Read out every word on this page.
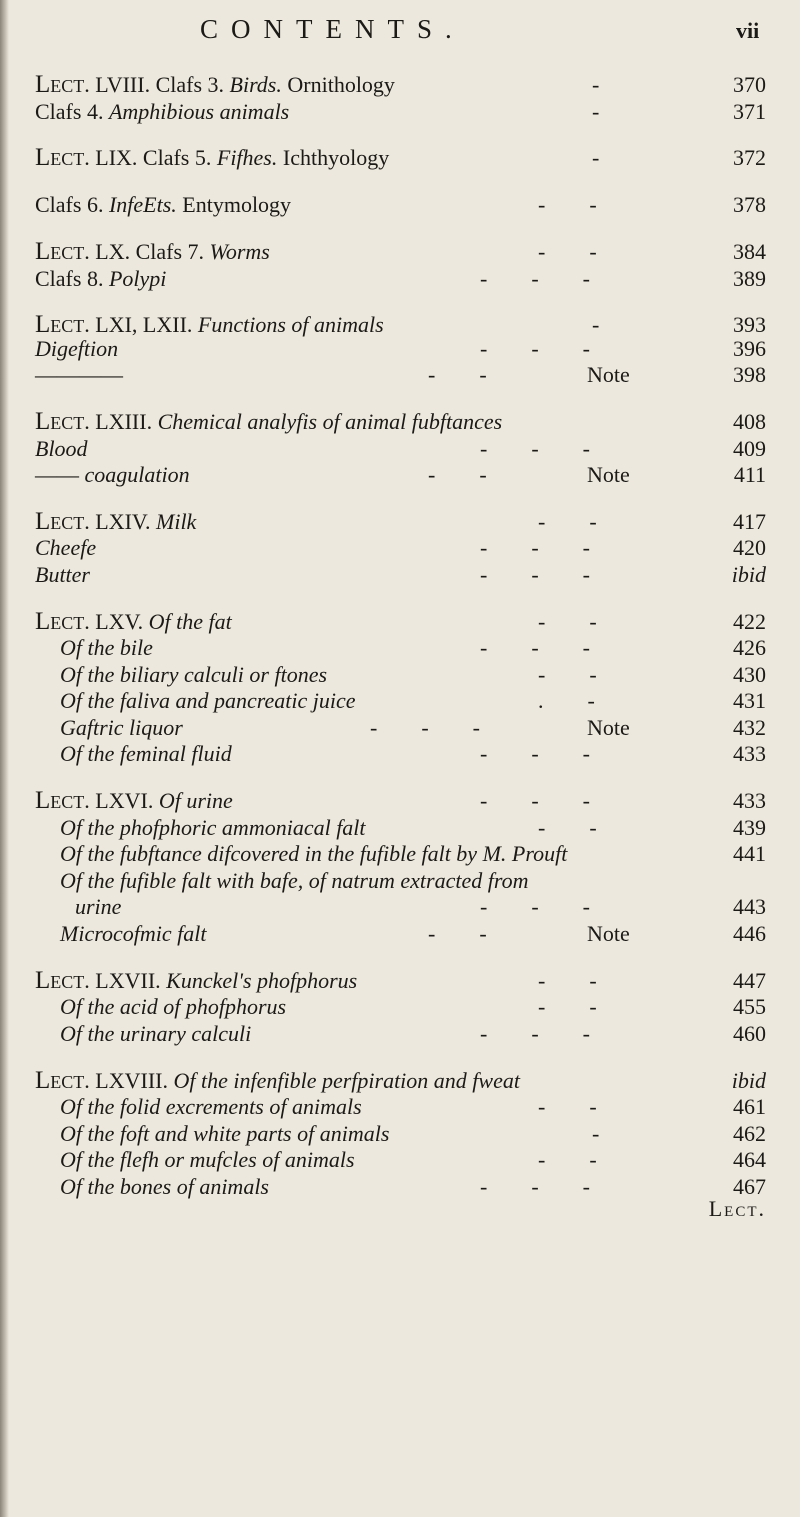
CONTENTS.	vii
Lect. LVIII. Clafs 3. Birds. Ornithology	-	370
Clafs 4. Amphibious animals	-	371
Lect. LIX. Clafs 5. Fifhes. Ichthyology	-	372
Clafs 6. InfeEts. Entymology	-        -	378
Lect. LX. Clafs 7. Worms	-        -	384
Clafs 8. Polypi	-        -        -	389
Lect. LXI, LXII. Functions of animals	-	393
Digeftion	-        -        -	396
————	-        -	Note	398
Lect. LXIII. Chemical analyfis of animal fubftances	408
Blood	-        -        -	409
—— coagulation	-        -	Note	411
Lect. LXIV. Milk	-        -	417
Cheefe	-        -        -	420
Butter	-        -        -	ibid
Lect. LXV. Of the fat	-        -	422
Of the bile	-        -        -	426
Of the biliary calculi or ftones	-        -	430
Of the faliva and pancreatic juice	.        -	431
Gaftric liquor	-        -        -	Note	432
Of the feminal fluid	-        -        -	433
Lect. LXVI. Of urine	-        -        -	433
Of the phofphoric ammoniacal falt	-        -	439
Of the fubftance difcovered in the fufible falt by M. Prouft	441
Of the fufible falt with bafe, of natrum extracted from
urine	-        -        -	443
Microcofmic falt	-        -	Note	446
Lect. LXVII. Kunckel's phofphorus	-        -	447
Of the acid of phofphorus	-        -	455
Of the urinary calculi	-        -        -	460
Lect. LXVIII. Of the infenfible perfpiration and fweat	ibid
Of the folid excrements of animals	-        -	461
Of the foft and white parts of animals	-	462
Of the flefh or mufcles of animals	-        -	464
Of the bones of animals	-        -        -	467
Lect.
